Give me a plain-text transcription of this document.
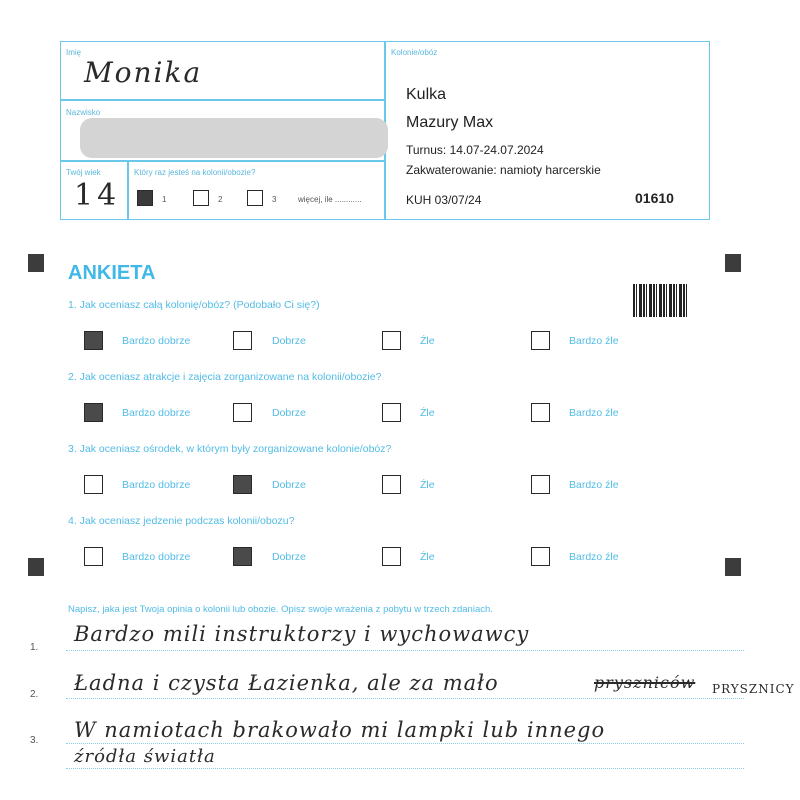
Imię
Monika
Nazwisko
Twój wiek
14
Który raz jesteś na kolonii/obozie?
1	2	3	więcej, ile ............
Kolonie/obóz
Kulka
Mazury Max
Turnus: 14.07-24.07.2024
Zakwaterowanie: namioty harcerskie
KUH 03/07/24	01610
ANKIETA
1. Jak oceniasz całą kolonię/obóz? (Podobało Ci się?)
Bardzo dobrze	Dobrze	Źle	Bardzo źle
2. Jak oceniasz atrakcje i zajęcia zorganizowane na kolonii/obozie?
Bardzo dobrze	Dobrze	Źle	Bardzo źle
3. Jak oceniasz ośrodek, w którym były zorganizowane kolonie/obóz?
Bardzo dobrze	Dobrze	Źle	Bardzo źle
4. Jak oceniasz jedzenie podczas kolonii/obozu?
Bardzo dobrze	Dobrze	Źle	Bardzo źle
Napisz, jaka jest Twoja opinia o kolonii lub obozie. Opisz swoje wrażenia z pobytu w trzech zdaniach.
1.
Bardzo mili instruktorzy i wychowawcy
2. Ładna i czysta Łazienka, ale za mało	pryszniców PRYSZNICY
3. W namiotach brakowało mi lampki lub innego
źródła światła
